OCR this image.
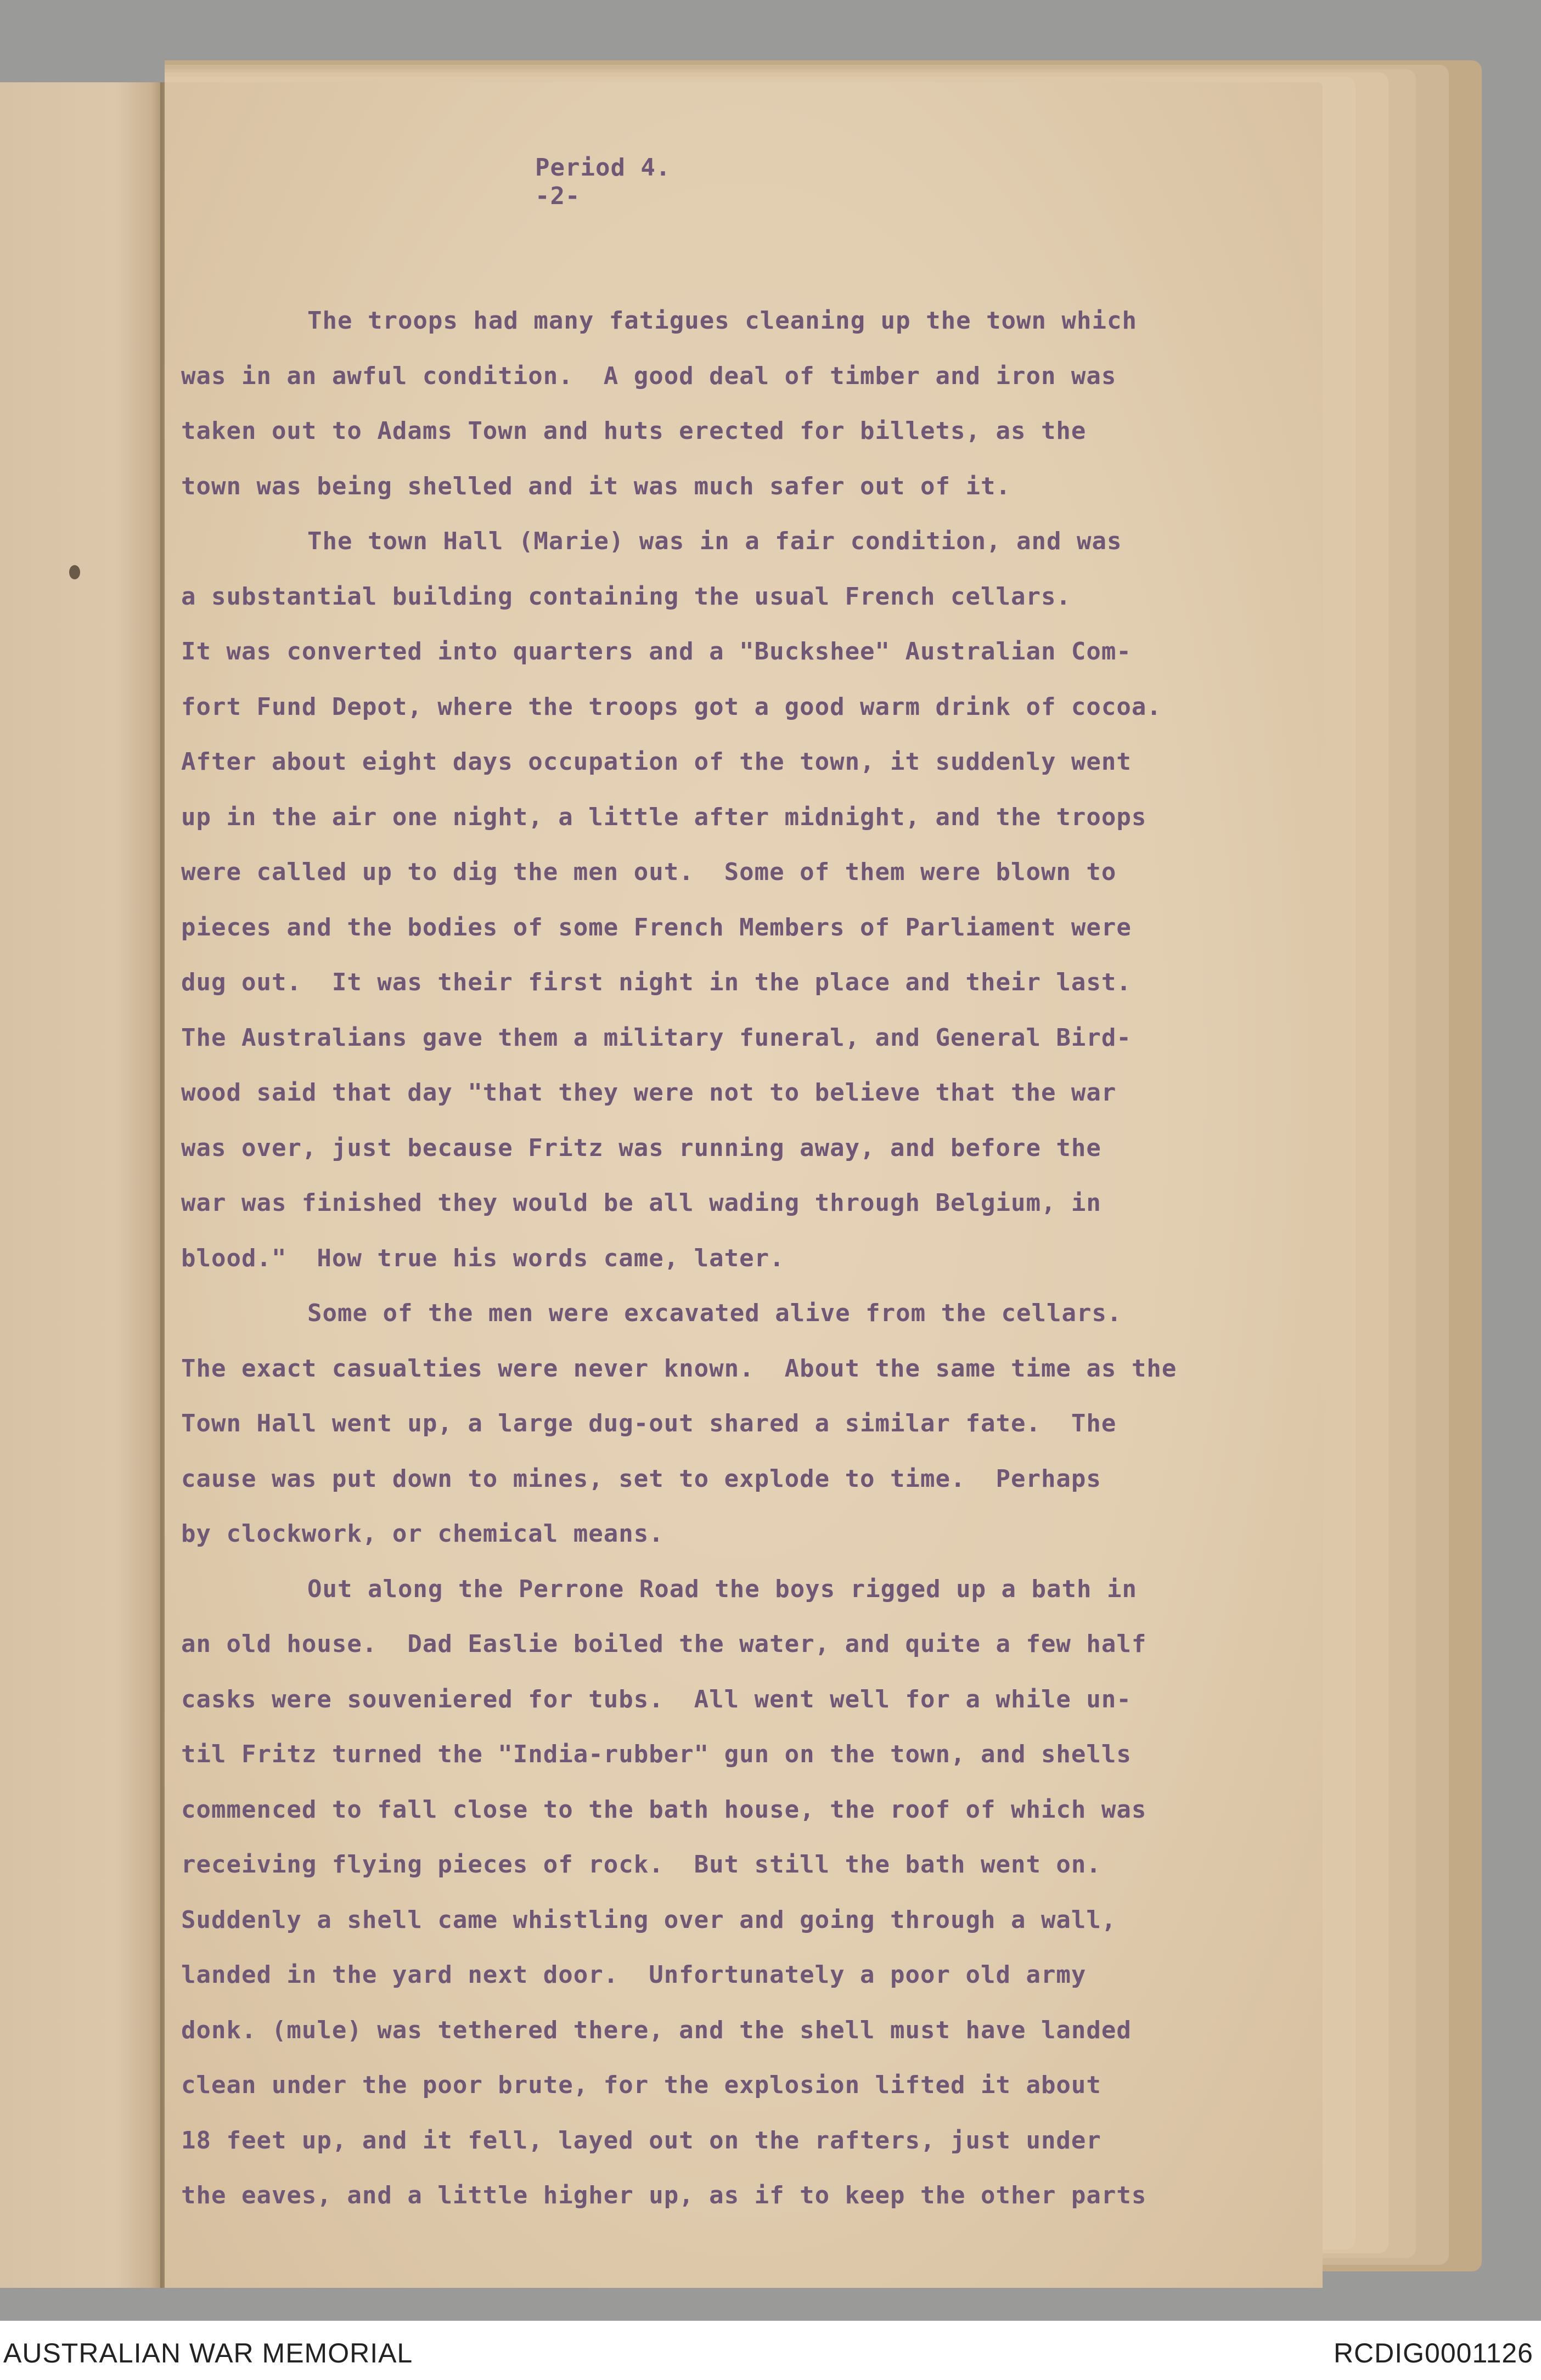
Period 4.
-2-
The troops had many fatigues cleaning up the town which
was in an awful condition.  A good deal of timber and iron was
taken out to Adams Town and huts erected for billets, as the
town was being shelled and it was much safer out of it.
The town Hall (Marie) was in a fair condition, and was
a substantial building containing the usual French cellars.
It was converted into quarters and a "Buckshee" Australian Com-
fort Fund Depot, where the troops got a good warm drink of cocoa.
After about eight days occupation of the town, it suddenly went
up in the air one night, a little after midnight, and the troops
were called up to dig the men out.  Some of them were blown to
pieces and the bodies of some French Members of Parliament were
dug out.  It was their first night in the place and their last.
The Australians gave them a military funeral, and General Bird-
wood said that day "that they were not to believe that the war
was over, just because Fritz was running away, and before the
war was finished they would be all wading through Belgium, in
blood."  How true his words came, later.
Some of the men were excavated alive from the cellars.
The exact casualties were never known.  About the same time as the
Town Hall went up, a large dug-out shared a similar fate.  The
cause was put down to mines, set to explode to time.  Perhaps
by clockwork, or chemical means.
Out along the Perrone Road the boys rigged up a bath in
an old house.  Dad Easlie boiled the water, and quite a few half
casks were souveniered for tubs.  All went well for a while un-
til Fritz turned the "India-rubber" gun on the town, and shells
commenced to fall close to the bath house, the roof of which was
receiving flying pieces of rock.  But still the bath went on.
Suddenly a shell came whistling over and going through a wall,
landed in the yard next door.  Unfortunately a poor old army
donk. (mule) was tethered there, and the shell must have landed
clean under the poor brute, for the explosion lifted it about
18 feet up, and it fell, layed out on the rafters, just under
the eaves, and a little higher up, as if to keep the other parts
AUSTRALIAN WAR MEMORIAL	RCDIG0001126
